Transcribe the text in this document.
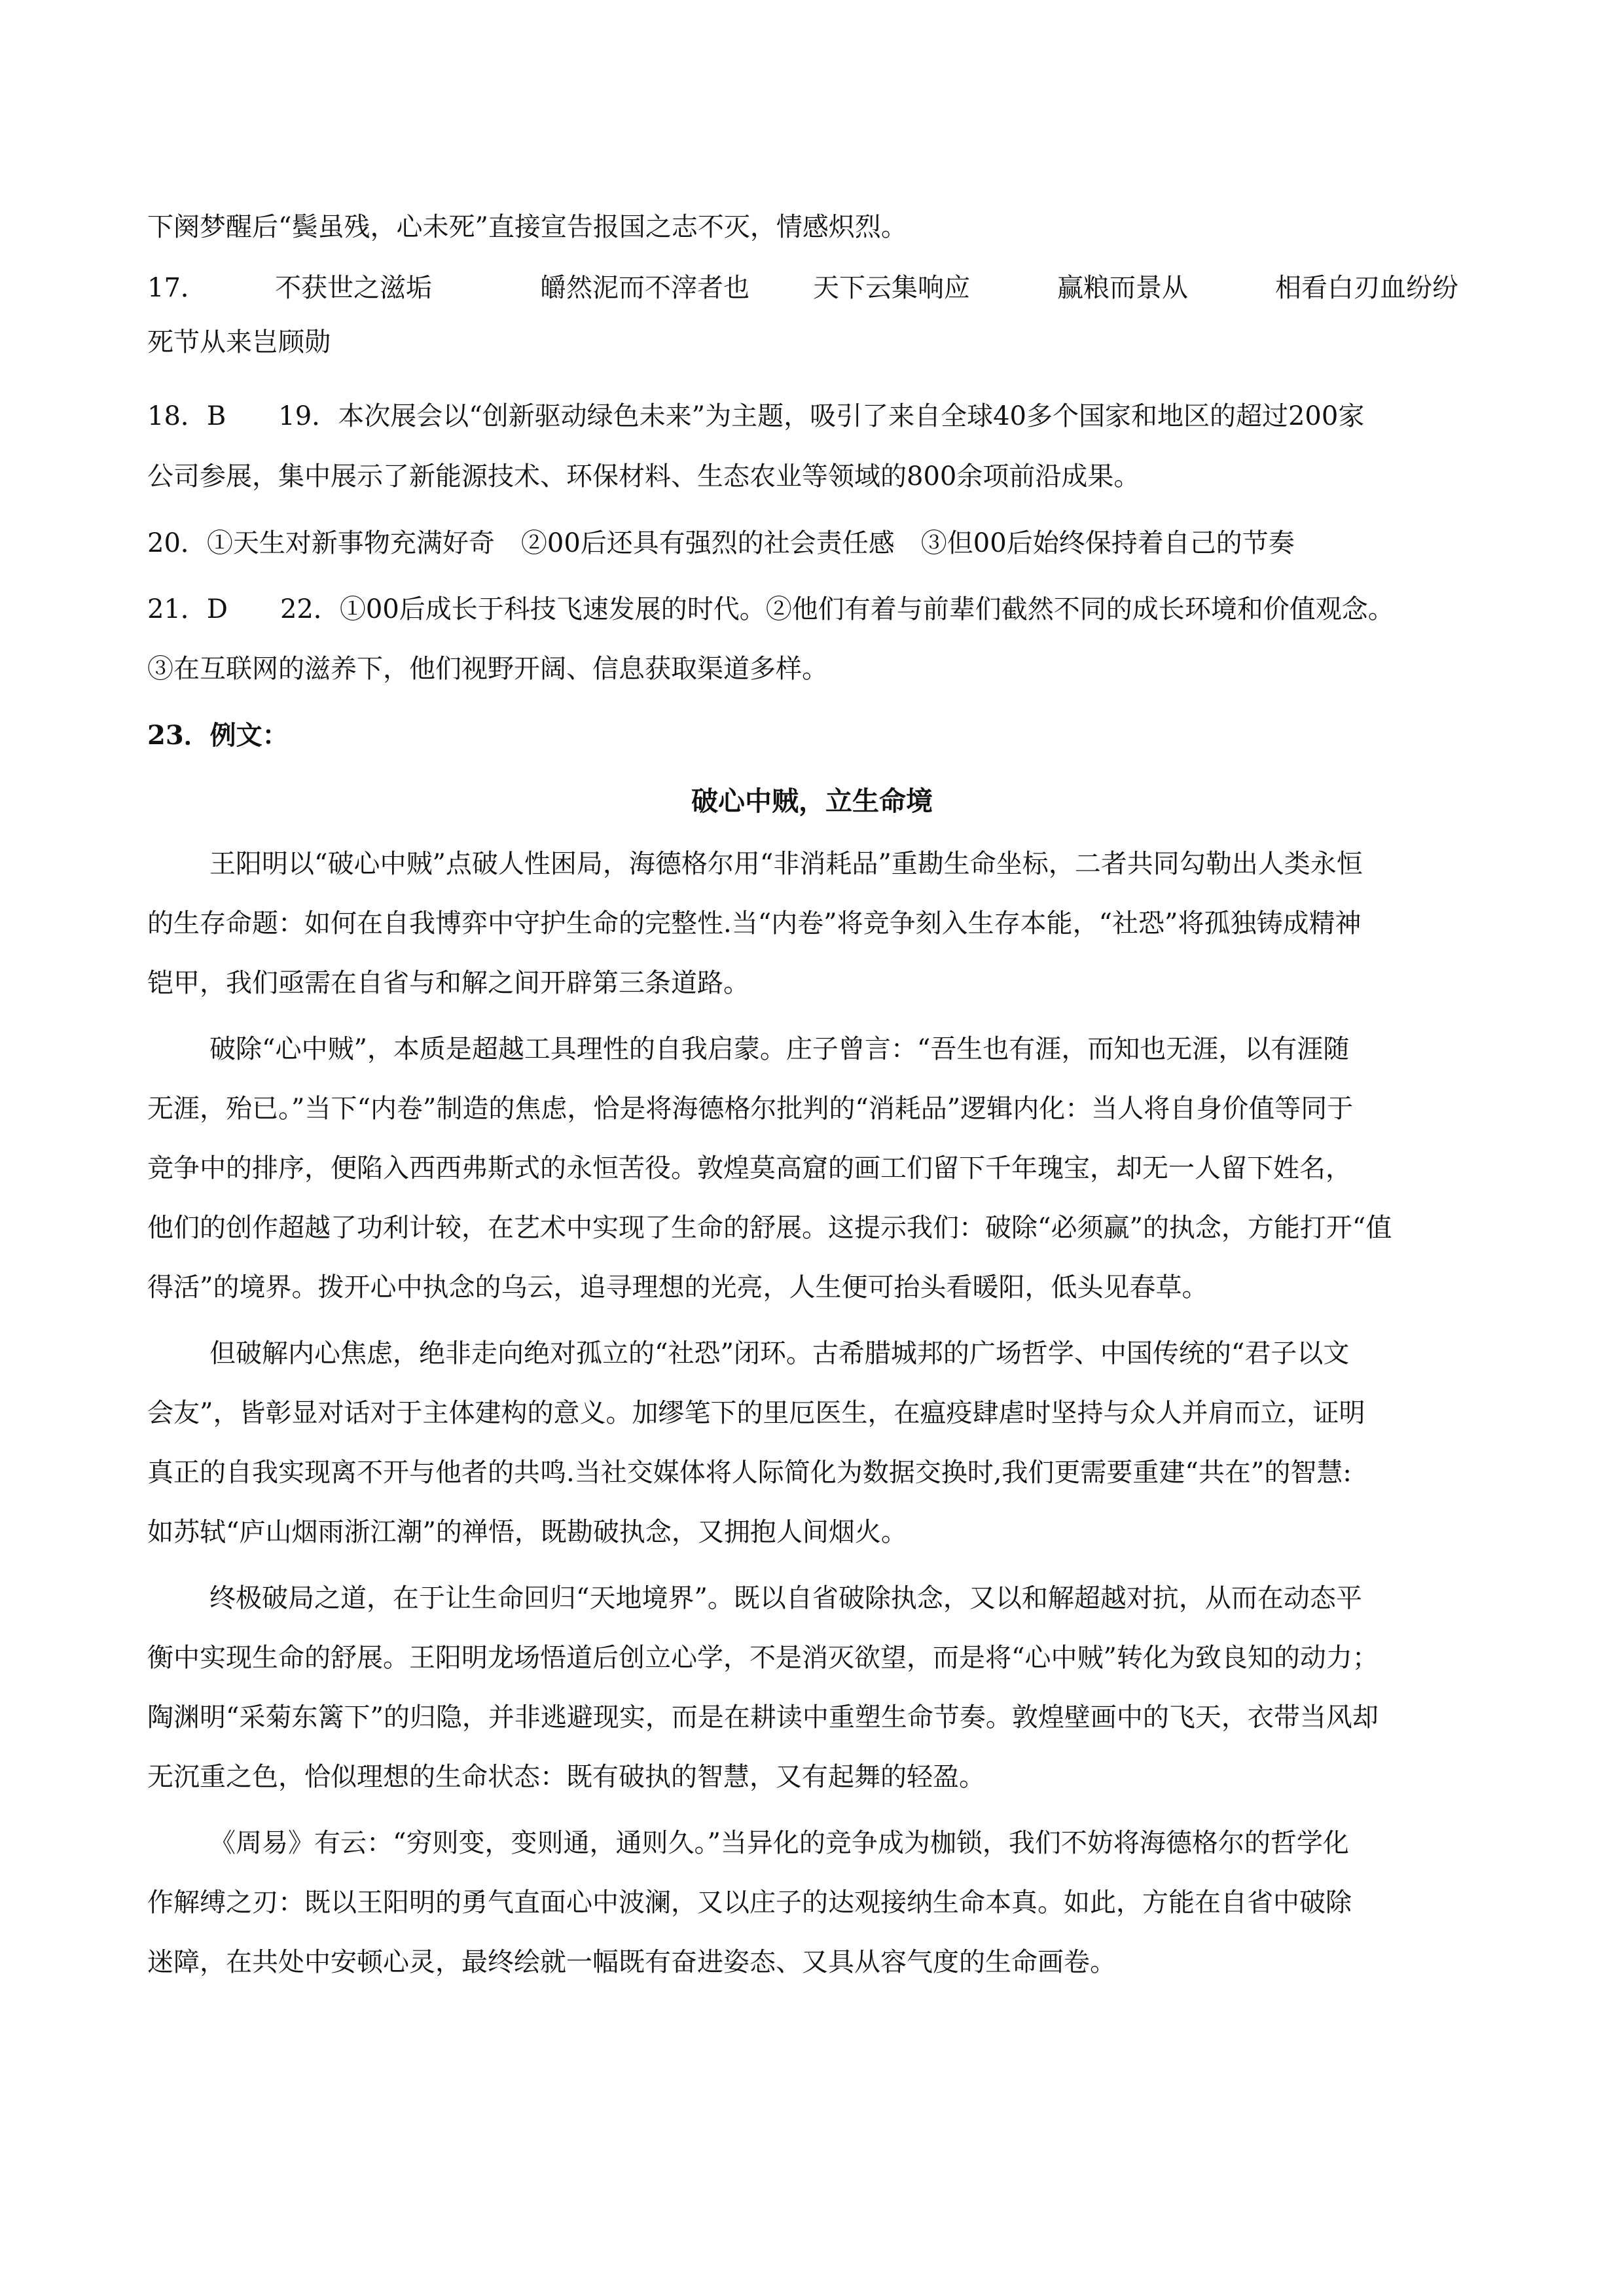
下阕梦醒后“鬓虽残，心未死”直接宣告报国之志不灭，情感炽烈。
17．	不获世之滋垢	皭然泥而不滓者也 天下云集响应	赢粮而景从	相看白刃血纷纷
死节从来岂顾勋
18．B　　19．本次展会以“创新驱动绿色未来”为主题，吸引了来自全球40多个国家和地区的超过200家
公司参展，集中展示了新能源技术、环保材料、生态农业等领域的800余项前沿成果。
20．①天生对新事物充满好奇　②00后还具有强烈的社会责任感　③但00后始终保持着自己的节奏
21．D　　22．①00后成长于科技飞速发展的时代。②他们有着与前辈们截然不同的成长环境和价值观念。
③在互联网的滋养下，他们视野开阔、信息获取渠道多样。
23．例文：
破心中贼，立生命境
王阳明以“破心中贼”点破人性困局，海德格尔用“非消耗品”重勘生命坐标，二者共同勾勒出人类永恒
的生存命题：如何在自我博弈中守护生命的完整性.当“内卷”将竞争刻入生存本能，“社恐”将孤独铸成精神
铠甲，我们亟需在自省与和解之间开辟第三条道路。
破除“心中贼”，本质是超越工具理性的自我启蒙。庄子曾言：“吾生也有涯，而知也无涯，以有涯随
无涯，殆已。”当下“内卷”制造的焦虑，恰是将海德格尔批判的“消耗品”逻辑内化：当人将自身价值等同于
竞争中的排序，便陷入西西弗斯式的永恒苦役。敦煌莫高窟的画工们留下千年瑰宝，却无一人留下姓名，
他们的创作超越了功利计较，在艺术中实现了生命的舒展。这提示我们：破除“必须赢”的执念，方能打开“值
得活”的境界。拨开心中执念的乌云，追寻理想的光亮，人生便可抬头看暖阳，低头见春草。
但破解内心焦虑，绝非走向绝对孤立的“社恐”闭环。古希腊城邦的广场哲学、中国传统的“君子以文
会友”，皆彰显对话对于主体建构的意义。加缪笔下的里厄医生，在瘟疫肆虐时坚持与众人并肩而立，证明
真正的自我实现离不开与他者的共鸣.当社交媒体将人际简化为数据交换时,我们更需要重建“共在”的智慧:
如苏轼“庐山烟雨浙江潮”的禅悟，既勘破执念，又拥抱人间烟火。
终极破局之道，在于让生命回归“天地境界”。既以自省破除执念，又以和解超越对抗，从而在动态平
衡中实现生命的舒展。王阳明龙场悟道后创立心学，不是消灭欲望，而是将“心中贼”转化为致良知的动力；
陶渊明“采菊东篱下”的归隐，并非逃避现实，而是在耕读中重塑生命节奏。敦煌壁画中的飞天，衣带当风却
无沉重之色，恰似理想的生命状态：既有破执的智慧，又有起舞的轻盈。
《周易》有云：“穷则变，变则通，通则久。”当异化的竞争成为枷锁，我们不妨将海德格尔的哲学化
作解缚之刃：既以王阳明的勇气直面心中波澜，又以庄子的达观接纳生命本真。如此，方能在自省中破除
迷障，在共处中安顿心灵，最终绘就一幅既有奋进姿态、又具从容气度的生命画卷。
